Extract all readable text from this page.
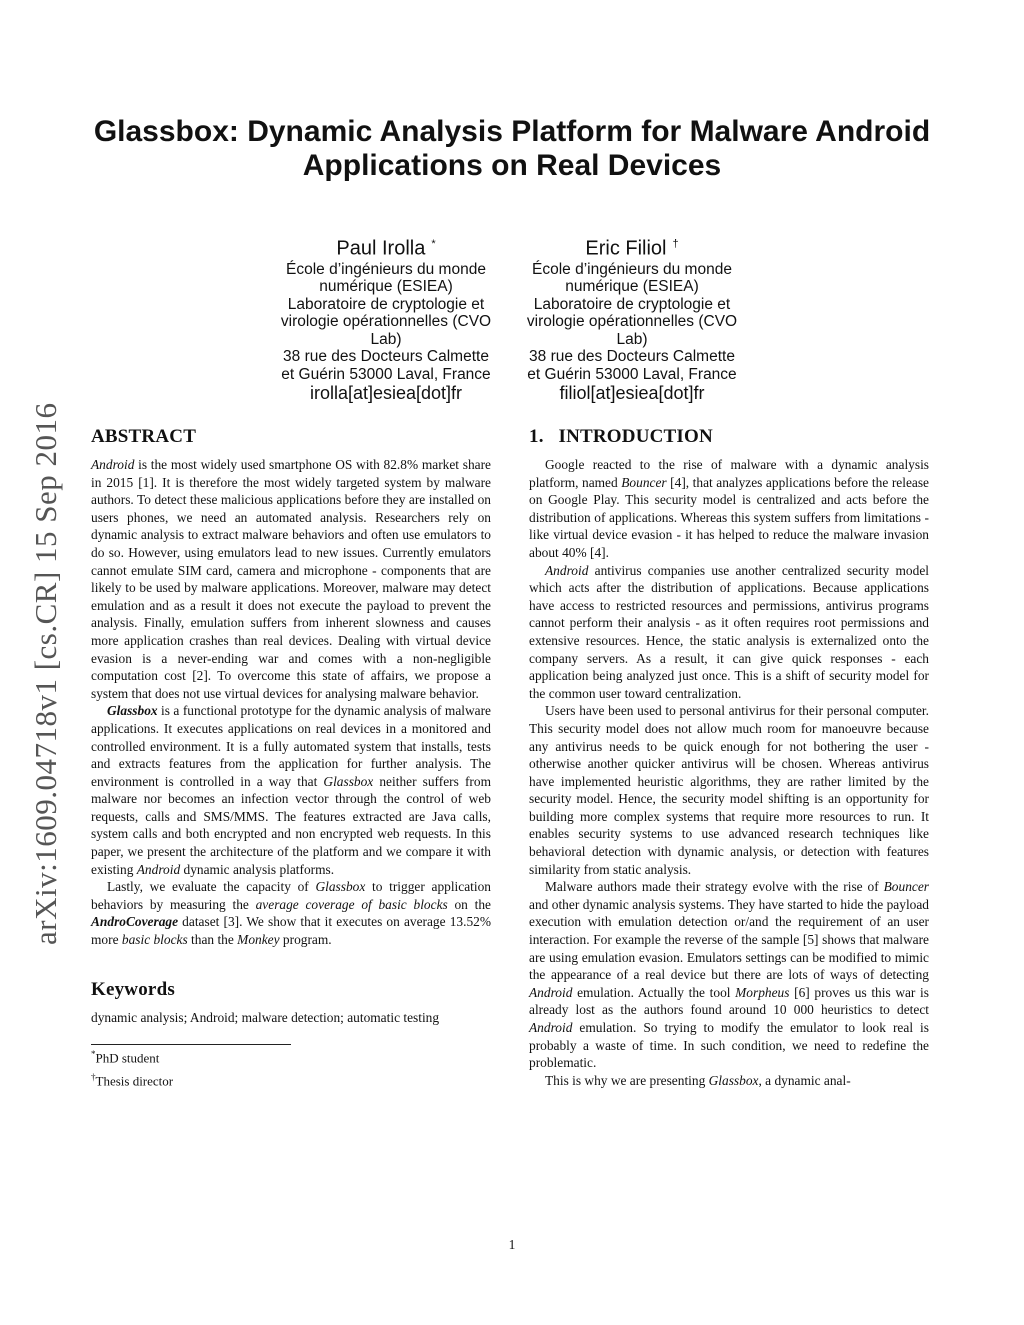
arXiv:1609.04718v1 [cs.CR] 15 Sep 2016
Glassbox: Dynamic Analysis Platform for Malware Android
Applications on Real Devices
Paul Irolla *
École d’ingénieurs du monde
numérique (ESIEA)
Laboratoire de cryptologie et
virologie opérationnelles (CVO
Lab)
38 rue des Docteurs Calmette
et Guérin 53000 Laval, France
irolla[at]esiea[dot]fr
Eric Filiol †
École d’ingénieurs du monde
numérique (ESIEA)
Laboratoire de cryptologie et
virologie opérationnelles (CVO
Lab)
38 rue des Docteurs Calmette
et Guérin 53000 Laval, France
filiol[at]esiea[dot]fr
ABSTRACT

Android is the most widely used smartphone OS with 82.8% market share in 2015 [1]. It is therefore the most widely targeted system by malware authors. To detect these malicious applications before they are installed on users phones, we need an automated analysis. Researchers rely on dynamic analysis to extract malware behaviors and often use emulators to do so. However, using emulators lead to new issues. Currently emulators cannot emulate SIM card, camera and microphone - components that are likely to be used by malware applications. Moreover, malware may detect emulation and as a result it does not execute the payload to prevent the analysis. Finally, emulation suffers from inherent slowness and causes more application crashes than real devices. Dealing with virtual device evasion is a never-ending war and comes with a non-negligible computation cost [2]. To overcome this state of affairs, we propose a system that does not use virtual devices for analysing malware behavior.

Glassbox is a functional prototype for the dynamic analysis of malware applications. It executes applications on real devices in a monitored and controlled environment. It is a fully automated system that installs, tests and extracts features from the application for further analysis. The environment is controlled in a way that Glassbox neither suffers from malware nor becomes an infection vector through the control of web requests, calls and SMS/MMS. The features extracted are Java calls, system calls and both encrypted and non encrypted web requests. In this paper, we present the architecture of the platform and we compare it with existing Android dynamic analysis platforms.

Lastly, we evaluate the capacity of Glassbox to trigger application behaviors by measuring the average coverage of basic blocks on the AndroCoverage dataset [3]. We show that it executes on average 13.52% more basic blocks than the Monkey program.

Keywords

dynamic analysis; Android; malware detection; automatic testing

*PhD student

†Thesis director

1.   INTRODUCTION

Google reacted to the rise of malware with a dynamic analysis platform, named Bouncer [4], that analyzes applications before the release on Google Play. This security model is centralized and acts before the distribution of applications. Whereas this system suffers from limitations - like virtual device evasion - it has helped to reduce the malware invasion about 40% [4].

Android antivirus companies use another centralized security model which acts after the distribution of applications. Because applications have access to restricted resources and permissions, antivirus programs cannot perform their analysis - as it often requires root permissions and extensive resources. Hence, the static analysis is externalized onto the company servers. As a result, it can give quick responses - each application being analyzed just once. This is a shift of security model for the common user toward centralization.

Users have been used to personal antivirus for their personal computer. This security model does not allow much room for manoeuvre because any antivirus needs to be quick enough for not bothering the user - otherwise another quicker antivirus will be chosen. Whereas antivirus have implemented heuristic algorithms, they are rather limited by the security model. Hence, the security model shifting is an opportunity for building more complex systems that require more resources to run. It enables security systems to use advanced research techniques like behavioral detection with dynamic analysis, or detection with features similarity from static analysis.

Malware authors made their strategy evolve with the rise of Bouncer and other dynamic analysis systems. They have started to hide the payload execution with emulation detection or/and the requirement of an user interaction. For example the reverse of the sample [5] shows that malware are using emulation evasion. Emulators settings can be modified to mimic the appearance of a real device but there are lots of ways of detecting Android emulation. Actually the tool Morpheus [6] proves us this war is already lost as the authors found around 10 000 heuristics to detect Android emulation. So trying to modify the emulator to look real is probably a waste of time. In such condition, we need to redefine the problematic.

This is why we are presenting Glassbox, a dynamic anal-

1
